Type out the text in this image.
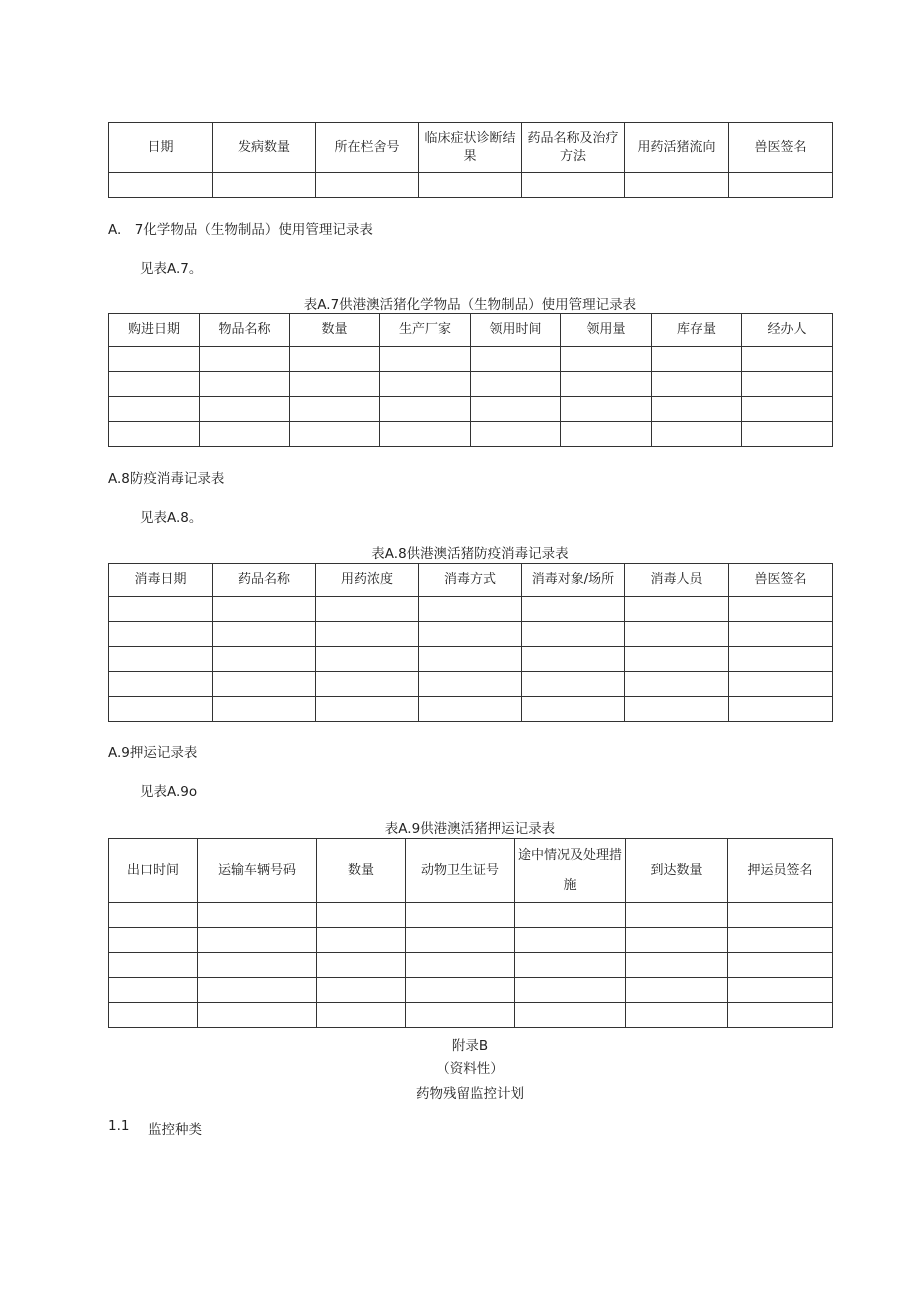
日期	发病数量	所在栏舍号	临床症状诊断结果	药品名称及治疗方法	用药活猪流向	兽医签名

A.　7化学物品（生物制品）使用管理记录表
见表A.7。
表A.7供港澳活猪化学物品（生物制品）使用管理记录表
购进日期	物品名称	数量	生产厂家	领用时间	领用量	库存量	经办人

A.8防疫消毒记录表
见表A.8。
表A.8供港澳活猪防疫消毒记录表
消毒日期	药品名称	用药浓度	消毒方式	消毒对象/场所	消毒人员	兽医签名

A.9押运记录表
见表A.9o
表A.9供港澳活猪押运记录表
出口时间	运输车辆号码	数量	动物卫生证号	途中情况及处理措施	到达数量	押运员签名

附录B
（资料性）
药物残留监控计划
1.1 监控种类
